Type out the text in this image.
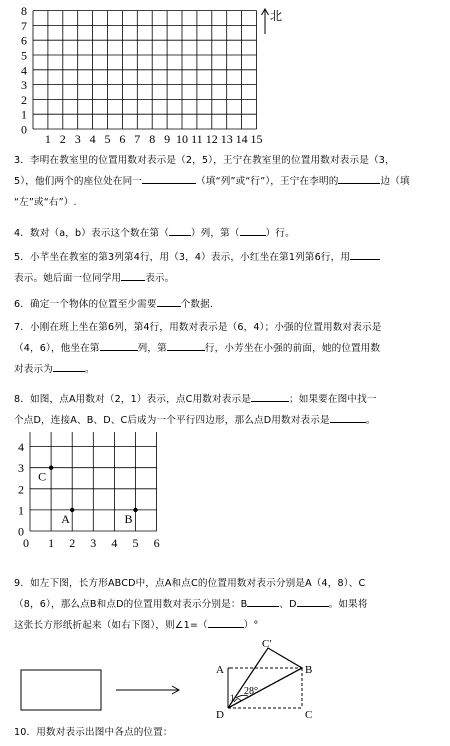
8
7
6
5
4
3
2
1
0
1 2 3 4 5 6 7 8 9 10 11 12 13 14 15
北
3．李明在教室里的位置用数对表示是（2，5），王宁在教室里的位置用数对表示是（3，
5），他们两个的座位处在同一	（填“列”或“行”），王宁在李明的	边（填
“左”或“右”）.
4．数对（a，b）表示这个数在第（ ）列，第（	）行。
5．小芊坐在教室的第3列第4行，用（3，4）表示，小红坐在第1列第6行，用
表示。她后面一位同学用	表示。
6．确定一个物体的位置至少需要	个数据.
7．小刚在班上坐在第6列，第4行，用数对表示是（6，4）；小强的位置用数对表示是
（4，6），他坐在第	列，第	行，小芳坐在小强的前面，她的位置用数
对表示为	。
8．如图，点A用数对（2，1）表示，点C用数对表示是	；如果要在图中找一
个点D，连接A、B、D、C后成为一个平行四边形，那么点D用数对表示是	。
4
3
2
1
0
0 1 2 3 4 5 6
A	B
C
9．如左下图，长方形ABCD中，点A和点C的位置用数对表示分别是A（4，8）、C
（8，6），那么点B和点D的位置用数对表示分别是：B	、D	。如果将
这张长方形纸折起来（如右下图），则∠1=（	）°
A
C′
B
D	C
28°
1
10．用数对表示出图中各点的位置：
